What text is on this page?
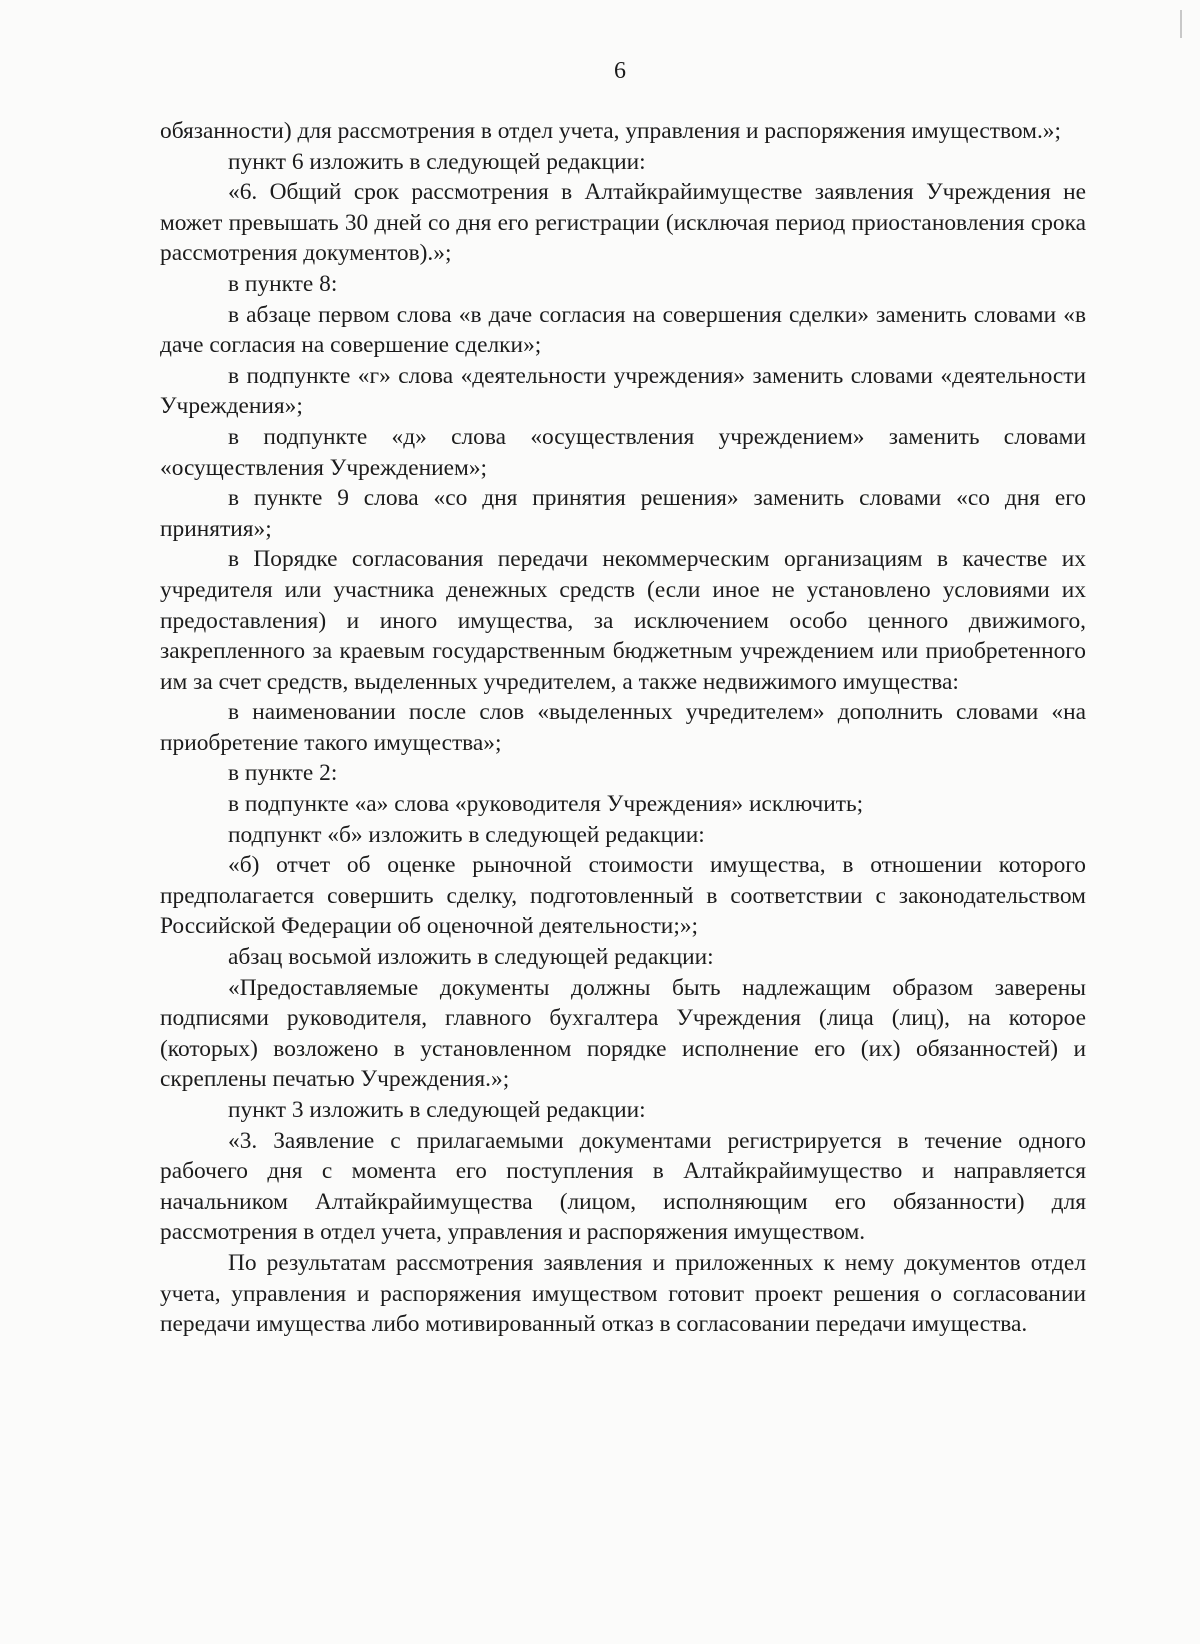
6

обязанности) для рассмотрения в отдел учета, управления и распоряжения имуществом.»;

пункт 6 изложить в следующей редакции:

«6. Общий срок рассмотрения в Алтайкрайимуществе заявления Учреждения не может превышать 30 дней со дня его регистрации (исключая период приостановления срока рассмотрения документов).»;

в пункте 8:

в абзаце первом слова «в даче согласия на совершения сделки» заменить словами «в даче согласия на совершение сделки»;

в подпункте «г» слова «деятельности учреждения» заменить словами «деятельности Учреждения»;

в подпункте «д» слова «осуществления учреждением» заменить словами «осуществления Учреждением»;

в пункте 9 слова «со дня принятия решения» заменить словами «со дня его принятия»;

в Порядке согласования передачи некоммерческим организациям в качестве их учредителя или участника денежных средств (если иное не установлено условиями их предоставления) и иного имущества, за исключением особо ценного движимого, закрепленного за краевым государственным бюджетным учреждением или приобретенного им за счет средств, выделенных учредителем, а также недвижимого имущества:

в наименовании после слов «выделенных учредителем» дополнить словами «на приобретение такого имущества»;

в пункте 2:

в подпункте «а» слова «руководителя Учреждения» исключить;

подпункт «б» изложить в следующей редакции:

«б) отчет об оценке рыночной стоимости имущества, в отношении которого предполагается совершить сделку, подготовленный в соответствии с законодательством Российской Федерации об оценочной деятельности;»;

абзац восьмой изложить в следующей редакции:

«Предоставляемые документы должны быть надлежащим образом заверены подписями руководителя, главного бухгалтера Учреждения (лица (лиц), на которое (которых) возложено в установленном порядке исполнение его (их) обязанностей) и скреплены печатью Учреждения.»;

пункт 3 изложить в следующей редакции:

«3. Заявление с прилагаемыми документами регистрируется в течение одного рабочего дня с момента его поступления в Алтайкрайимущество и направляется начальником Алтайкрайимущества (лицом, исполняющим его обязанности) для рассмотрения в отдел учета, управления и распоряжения имуществом.

По результатам рассмотрения заявления и приложенных к нему документов отдел учета, управления и распоряжения имуществом готовит проект решения о согласовании передачи имущества либо мотивированный отказ в согласовании передачи имущества.
